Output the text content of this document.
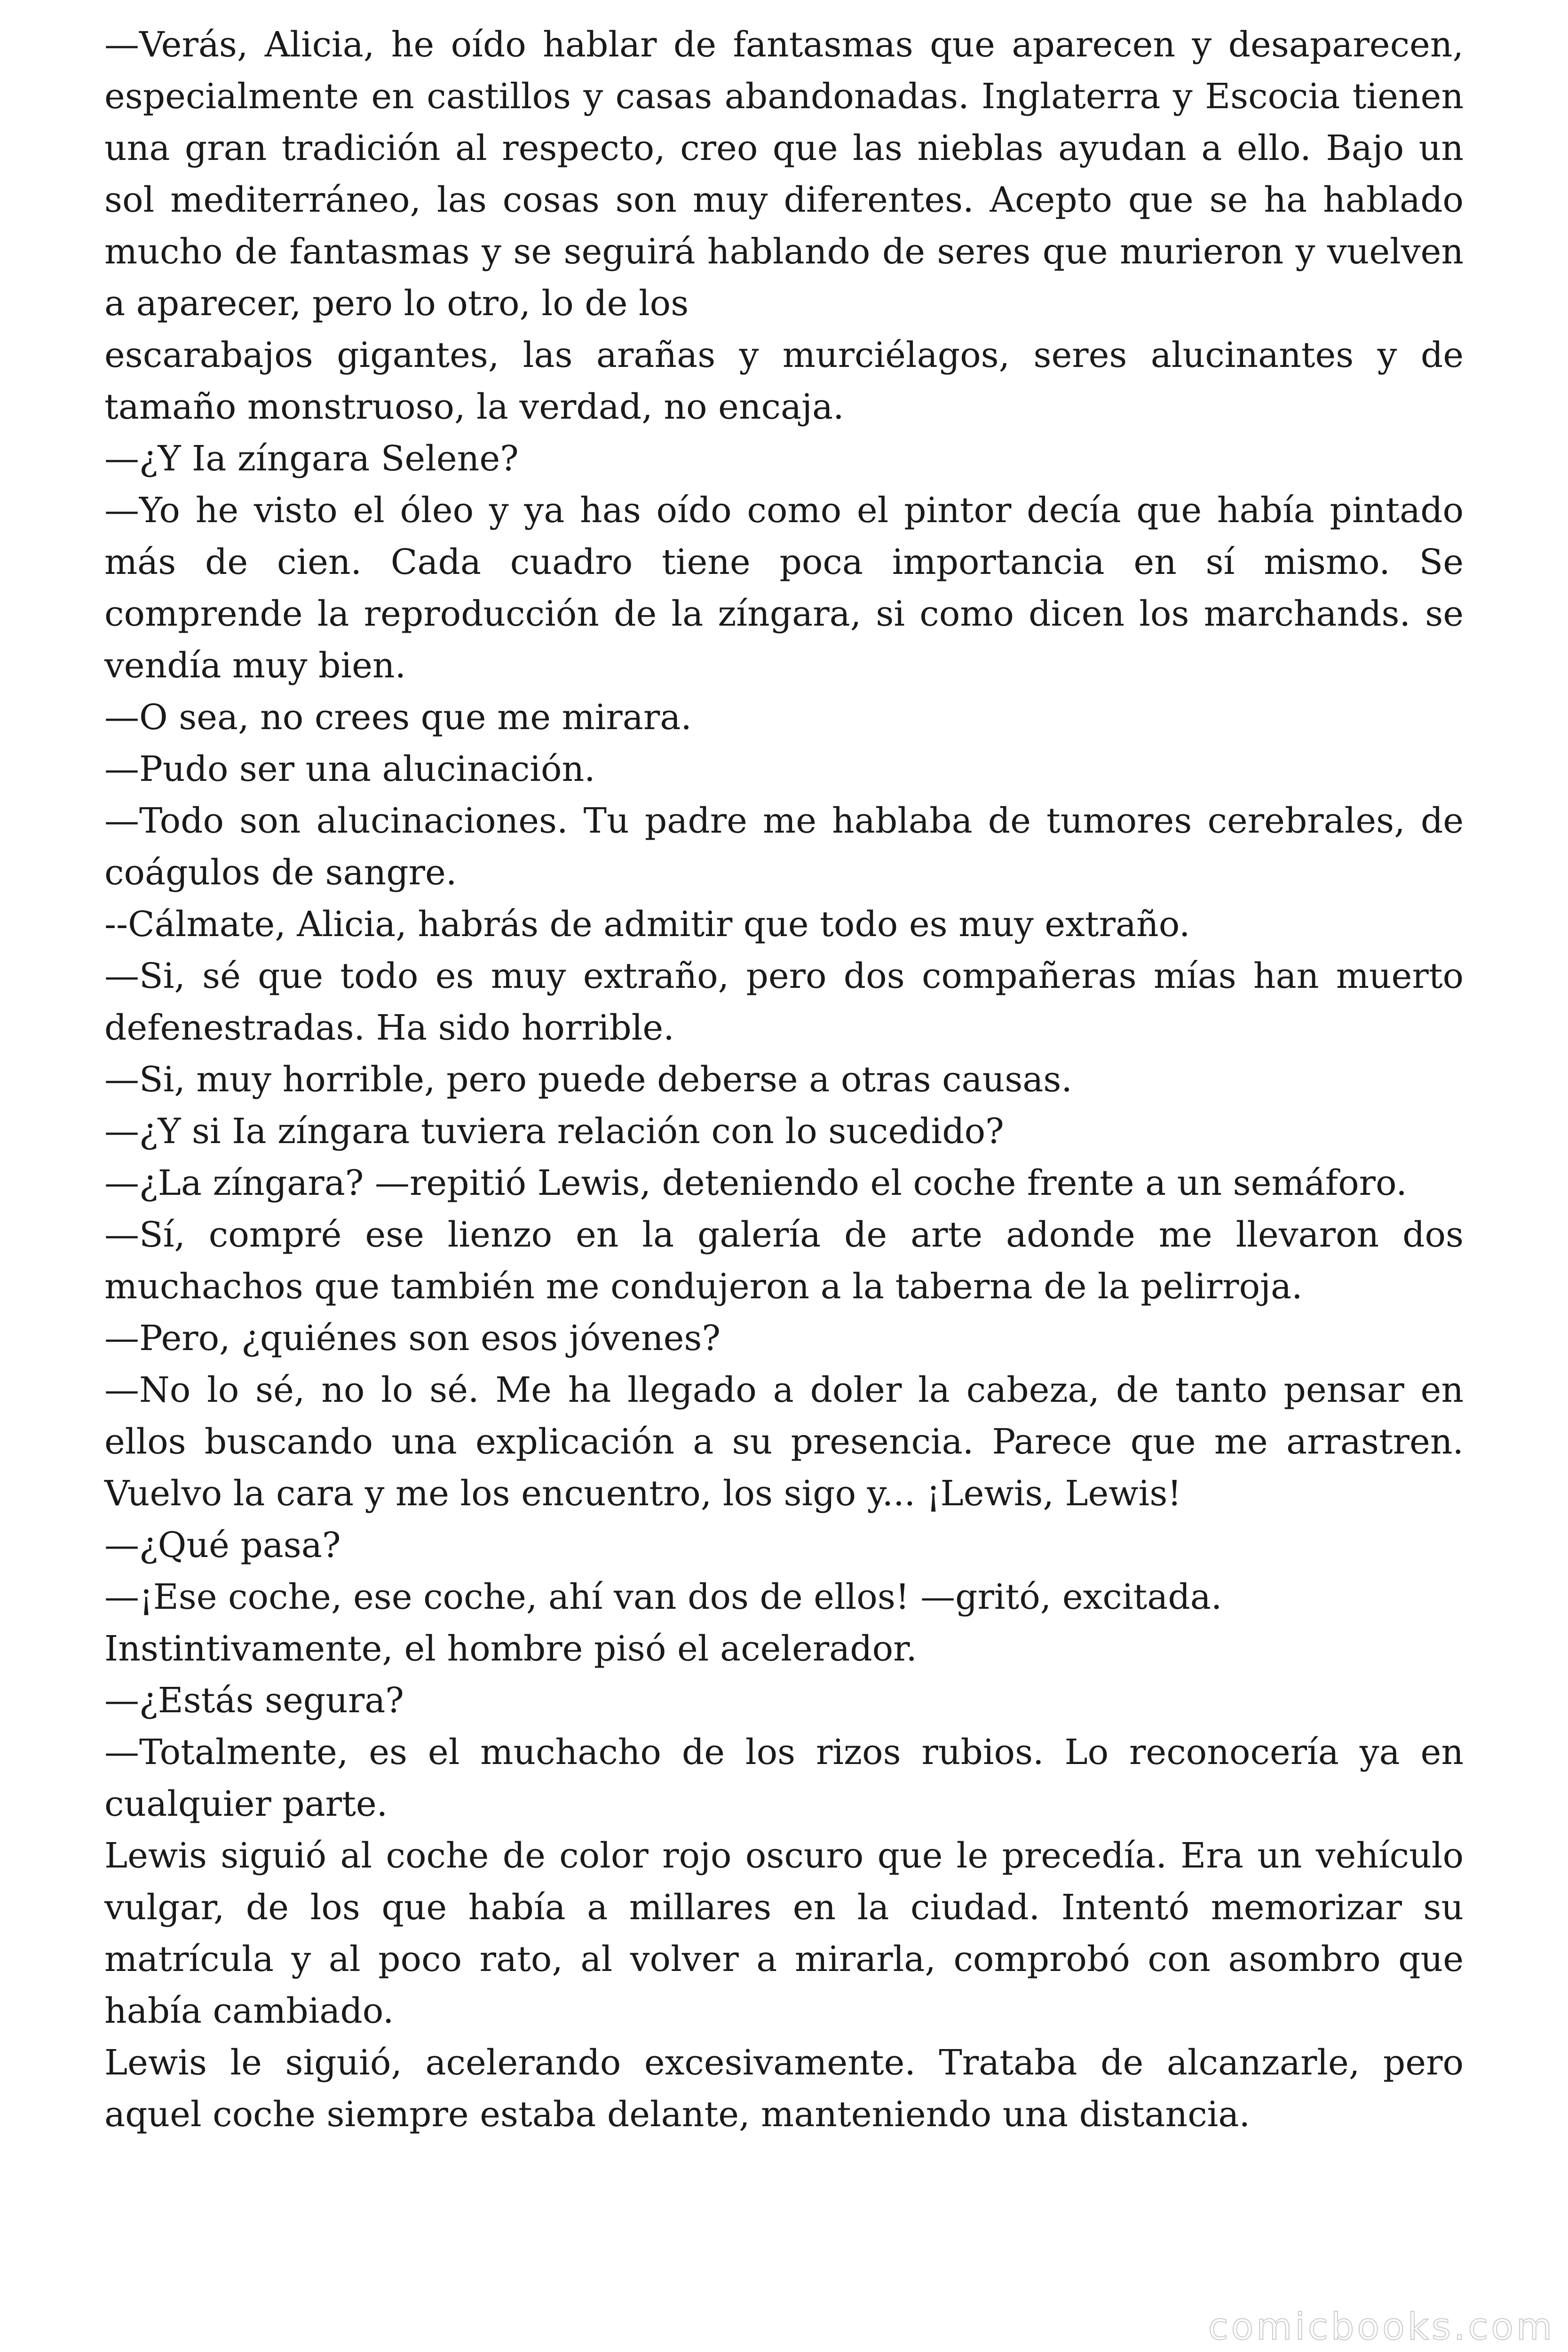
—Verás, Alicia, he oído hablar de fantasmas que aparecen y desaparecen, especialmente en castillos y casas abandonadas. Inglaterra y Escocia tienen una gran tradición al respecto, creo que las nieblas ayudan a ello. Bajo un sol mediterráneo, las cosas son muy diferentes. Acepto que se ha hablado mucho de fantasmas y se seguirá hablando de seres que murieron y vuelven a aparecer, pero lo otro, lo de los

escarabajos gigantes, las arañas y murciélagos, seres alucinantes y de tamaño monstruoso, la verdad, no encaja.

—¿Y Ia zíngara Selene?

—Yo he visto el óleo y ya has oído como el pintor decía que había pintado más de cien. Cada cuadro tiene poca importancia en sí mismo. Se comprende la reproducción de la zíngara, si como dicen los marchands. se vendía muy bien.

—O sea, no crees que me mirara.

—Pudo ser una alucinación.

—Todo son alucinaciones. Tu padre me hablaba de tumores cerebrales, de coágulos de sangre.

--Cálmate, Alicia, habrás de admitir que todo es muy extraño.

—Si, sé que todo es muy extraño, pero dos compañeras mías han muerto defenestradas. Ha sido horrible.

—Si, muy horrible, pero puede deberse a otras causas.

—¿Y si Ia zíngara tuviera relación con lo sucedido?

—¿La zíngara? —repitió Lewis, deteniendo el coche frente a un semáforo.

—Sí, compré ese lienzo en la galería de arte adonde me llevaron dos muchachos que también me condujeron a la taberna de la pelirroja.

—Pero, ¿quiénes son esos jóvenes?

—No lo sé, no lo sé. Me ha llegado a doler la cabeza, de tanto pensar en ellos buscando una explicación a su presencia. Parece que me arrastren. Vuelvo la cara y me los encuentro, los sigo y... ¡Lewis, Lewis!

—¿Qué pasa?

—¡Ese coche, ese coche, ahí van dos de ellos! —gritó, excitada.

Instintivamente, el hombre pisó el acelerador.

—¿Estás segura?

—Totalmente, es el muchacho de los rizos rubios. Lo reconocería ya en cualquier parte.

Lewis siguió al coche de color rojo oscuro que le precedía. Era un vehículo vulgar, de los que había a millares en la ciudad. Intentó memorizar su matrícula y al poco rato, al volver a mirarla, comprobó con asombro que había cambiado.

Lewis le siguió, acelerando excesivamente. Trataba de alcanzarle, pero aquel coche siempre estaba delante, manteniendo una distancia.

comicbooks.com
